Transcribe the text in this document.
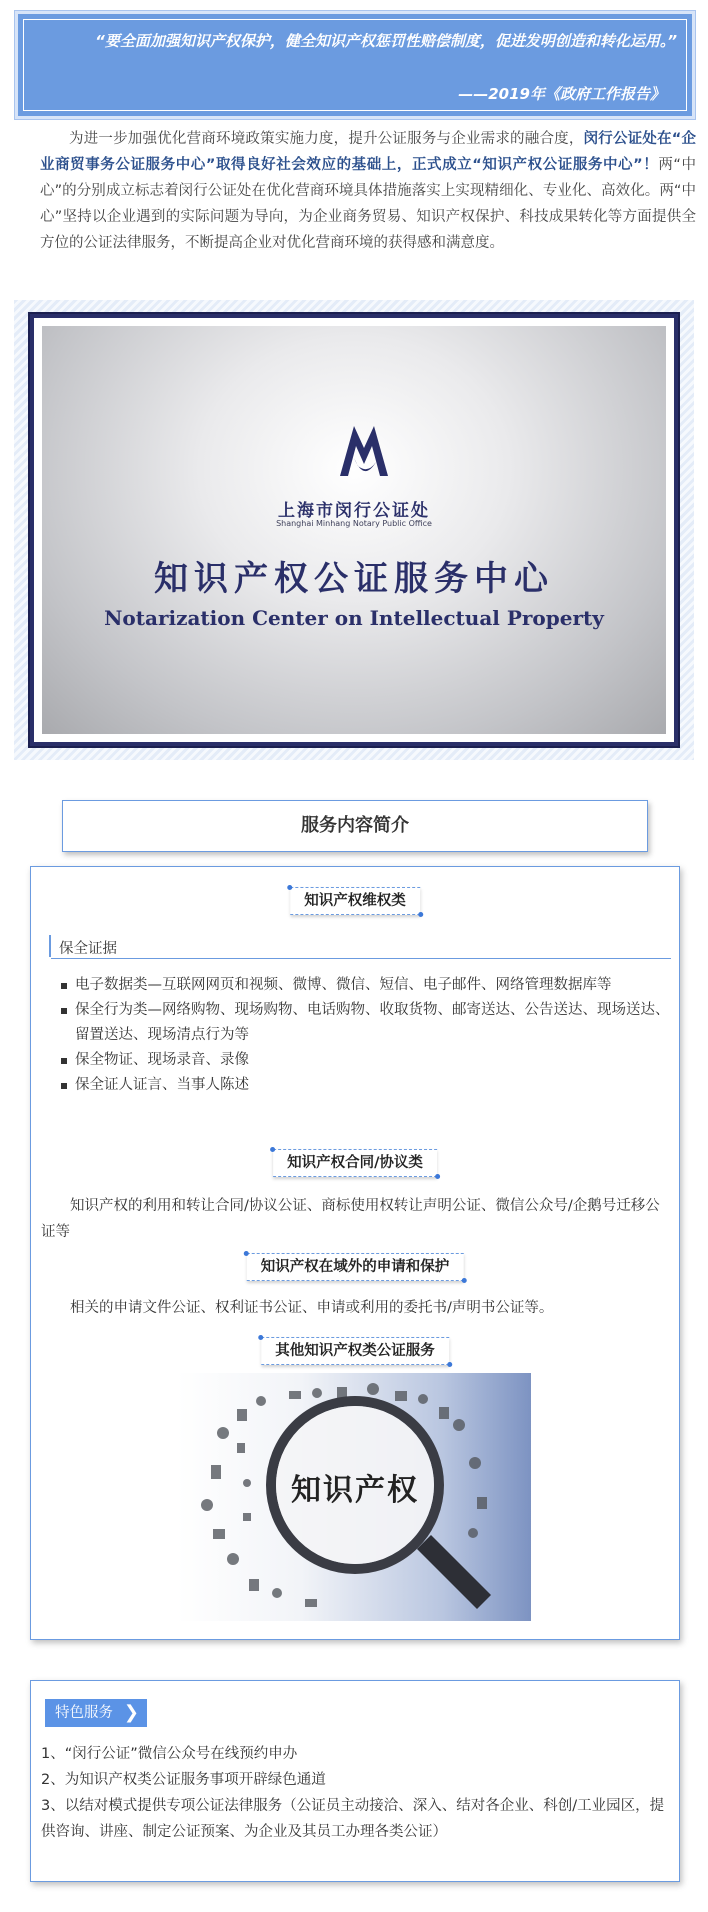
“要全面加强知识产权保护，健全知识产权惩罚性赔偿制度，促进发明创造和转化运用。”
——2019年《政府工作报告》
为进一步加强优化营商环境政策实施力度，提升公证服务与企业需求的融合度，闵行公证处在“企业商贸事务公证服务中心”取得良好社会效应的基础上，正式成立“知识产权公证服务中心”！两“中心”的分别成立标志着闵行公证处在优化营商环境具体措施落实上实现精细化、专业化、高效化。两“中心”坚持以企业遇到的实际问题为导向，为企业商务贸易、知识产权保护、科技成果转化等方面提供全方位的公证法律服务，不断提高企业对优化营商环境的获得感和满意度。
上海市闵行公证处
Shanghai Minhang Notary Public Office
知识产权公证服务中心
Notarization Center on Intellectual Property
服务内容简介
知识产权维权类
保全证据
电子数据类—互联网网页和视频、微博、微信、短信、电子邮件、网络管理数据库等
保全行为类—网络购物、现场购物、电话购物、收取货物、邮寄送达、公告送达、现场送达、留置送达、现场清点行为等
保全物证、现场录音、录像
保全证人证言、当事人陈述
知识产权合同/协议类
知识产权的利用和转让合同/协议公证、商标使用权转让声明公证、微信公众号/企鹅号迁移公证等
知识产权在域外的申请和保护
相关的申请文件公证、权利证书公证、申请或利用的委托书/声明书公证等。
其他知识产权类公证服务
知识产权
特色服务 ❯
1、“闵行公证”微信公众号在线预约申办
2、为知识产权类公证服务事项开辟绿色通道
3、以结对模式提供专项公证法律服务（公证员主动接洽、深入、结对各企业、科创/工业园区，提供咨询、讲座、制定公证预案、为企业及其员工办理各类公证）
